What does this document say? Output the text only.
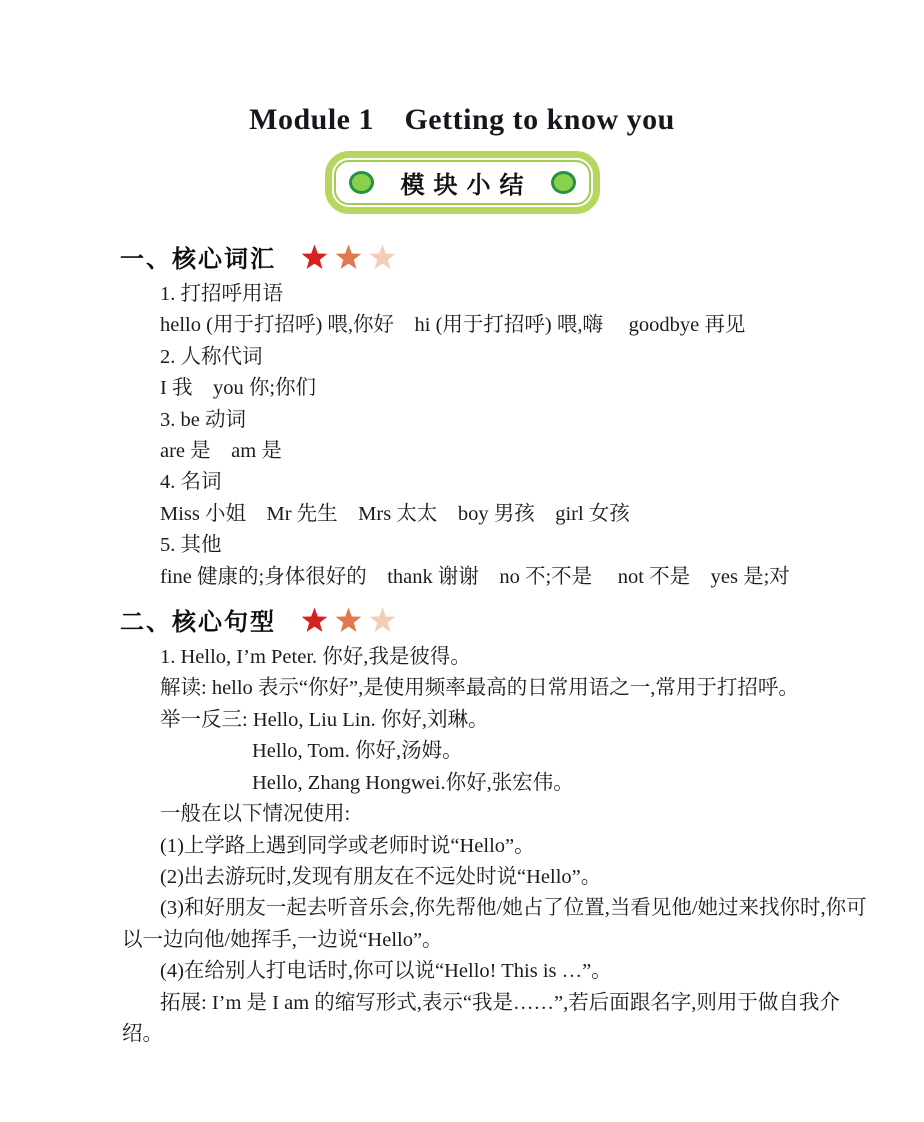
Module 1　Getting to know you
模块小结
一、核心词汇

1. 打招呼用语

hello (用于打招呼) 喂,你好　hi (用于打招呼) 喂,嗨　 goodbye 再见

2. 人称代词

I 我　you 你;你们

3. be 动词

are 是　am 是

4. 名词

Miss 小姐　Mr 先生　Mrs 太太　boy 男孩　girl 女孩

5. 其他

fine 健康的;身体很好的　thank 谢谢　no 不;不是　 not 不是　yes 是;对

二、核心句型

1. Hello, I’m Peter. 你好,我是彼得。

解读: hello 表示“你好”,是使用频率最高的日常用语之一,常用于打招呼。

举一反三: Hello, Liu Lin. 你好,刘琳。

Hello, Tom. 你好,汤姆。

Hello, Zhang Hongwei.你好,张宏伟。

一般在以下情况使用:

(1)上学路上遇到同学或老师时说“Hello”。

(2)出去游玩时,发现有朋友在不远处时说“Hello”。

(3)和好朋友一起去听音乐会,你先帮他/她占了位置,当看见他/她过来找你时,你可

以一边向他/她挥手,一边说“Hello”。

(4)在给别人打电话时,你可以说“Hello! This is …”。

拓展: I’m 是 I am 的缩写形式,表示“我是……”,若后面跟名字,则用于做自我介

绍。
